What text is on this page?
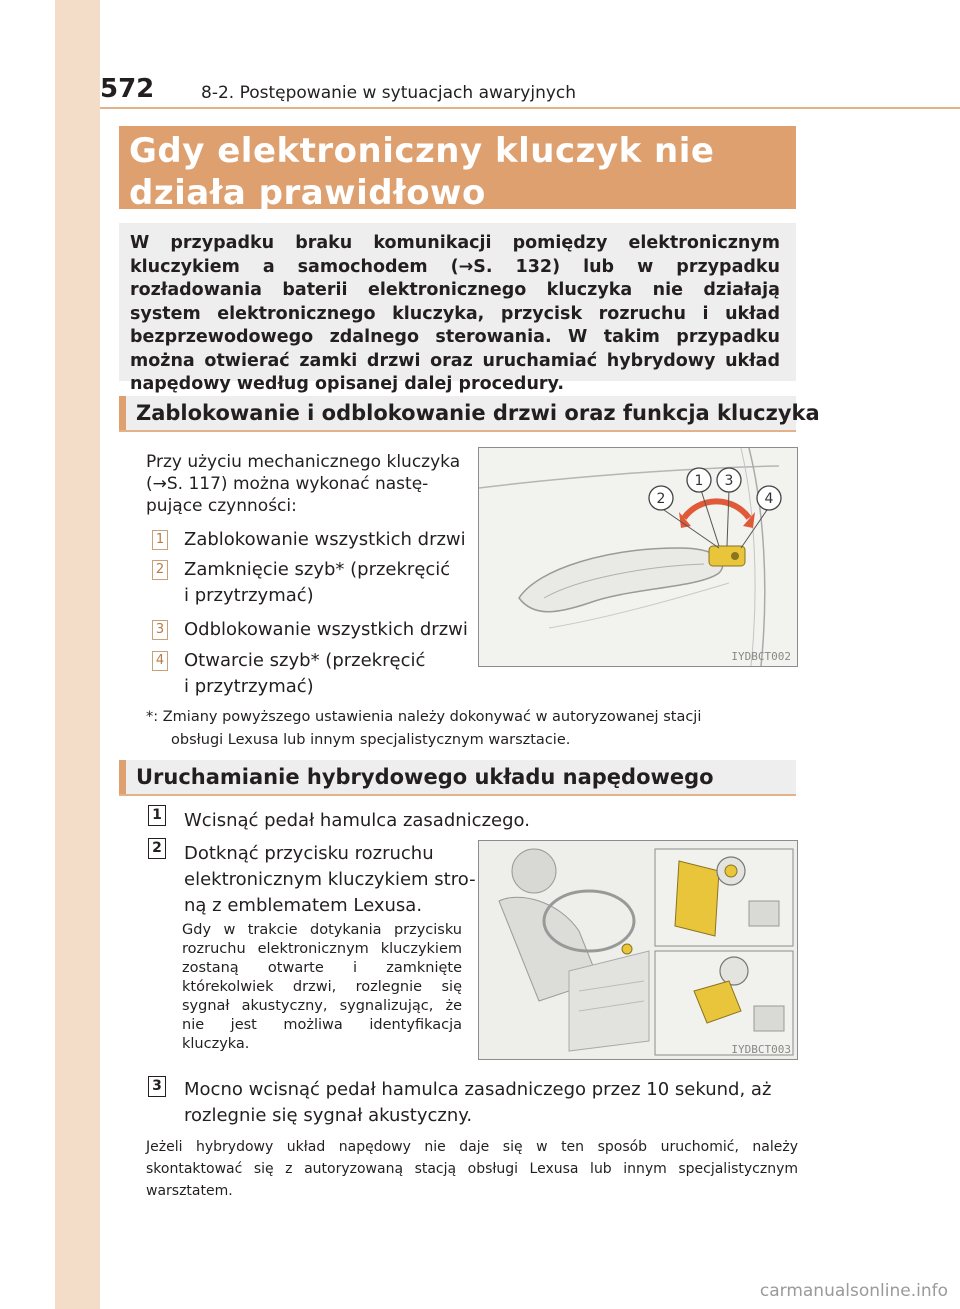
572	8-2. Postępowanie w sytuacjach awaryjnych
Gdy elektroniczny kluczyk nie działa prawidłowo
W przypadku braku komunikacji pomiędzy elektronicznym kluczykiem a samochodem (→S. 132) lub w przypadku rozładowania baterii elektronicznego kluczyka nie działają system elektronicznego kluczyka, przycisk rozruchu i układ bezprzewodowego zdalnego sterowania. W takim przypadku można otwierać zamki drzwi oraz uruchamiać hybrydowy układ napędowy według opisanej dalej procedury.
Zablokowanie i odblokowanie drzwi oraz funkcja kluczyka
Przy użyciu mechanicznego kluczyka
(→S. 117) można wykonać nastę-
pujące czynności:
1 Zablokowanie wszystkich drzwi
2 Zamknięcie szyb* (przekręcić
i przytrzymać)
3 Odblokowanie wszystkich drzwi
4 Otwarcie szyb* (przekręcić
i przytrzymać)
2
1 3
4
IYDBCT002
*: Zmiany powyższego ustawienia należy dokonywać w autoryzowanej stacji
obsługi Lexusa lub innym specjalistycznym warsztacie.
Uruchamianie hybrydowego układu napędowego
1 Wcisnąć pedał hamulca zasadniczego.
2 Dotknąć przycisku rozruchu
elektronicznym kluczykiem stro-
ną z emblematem Lexusa.
Gdy w trakcie dotykania przycisku rozruchu elektronicznym kluczykiem zostaną otwarte i zamknięte którekolwiek drzwi, rozlegnie się sygnał akustyczny, sygnalizując, że nie jest możliwa identyfikacja kluczyka.	IYDBCT003
3 Mocno wcisnąć pedał hamulca zasadniczego przez 10 sekund, aż
rozlegnie się sygnał akustyczny.
Jeżeli hybrydowy układ napędowy nie daje się w ten sposób uruchomić, należy skontaktować się z autoryzowaną stacją obsługi Lexusa lub innym specjalistycznym warsztatem.
carmanualsonline.info
